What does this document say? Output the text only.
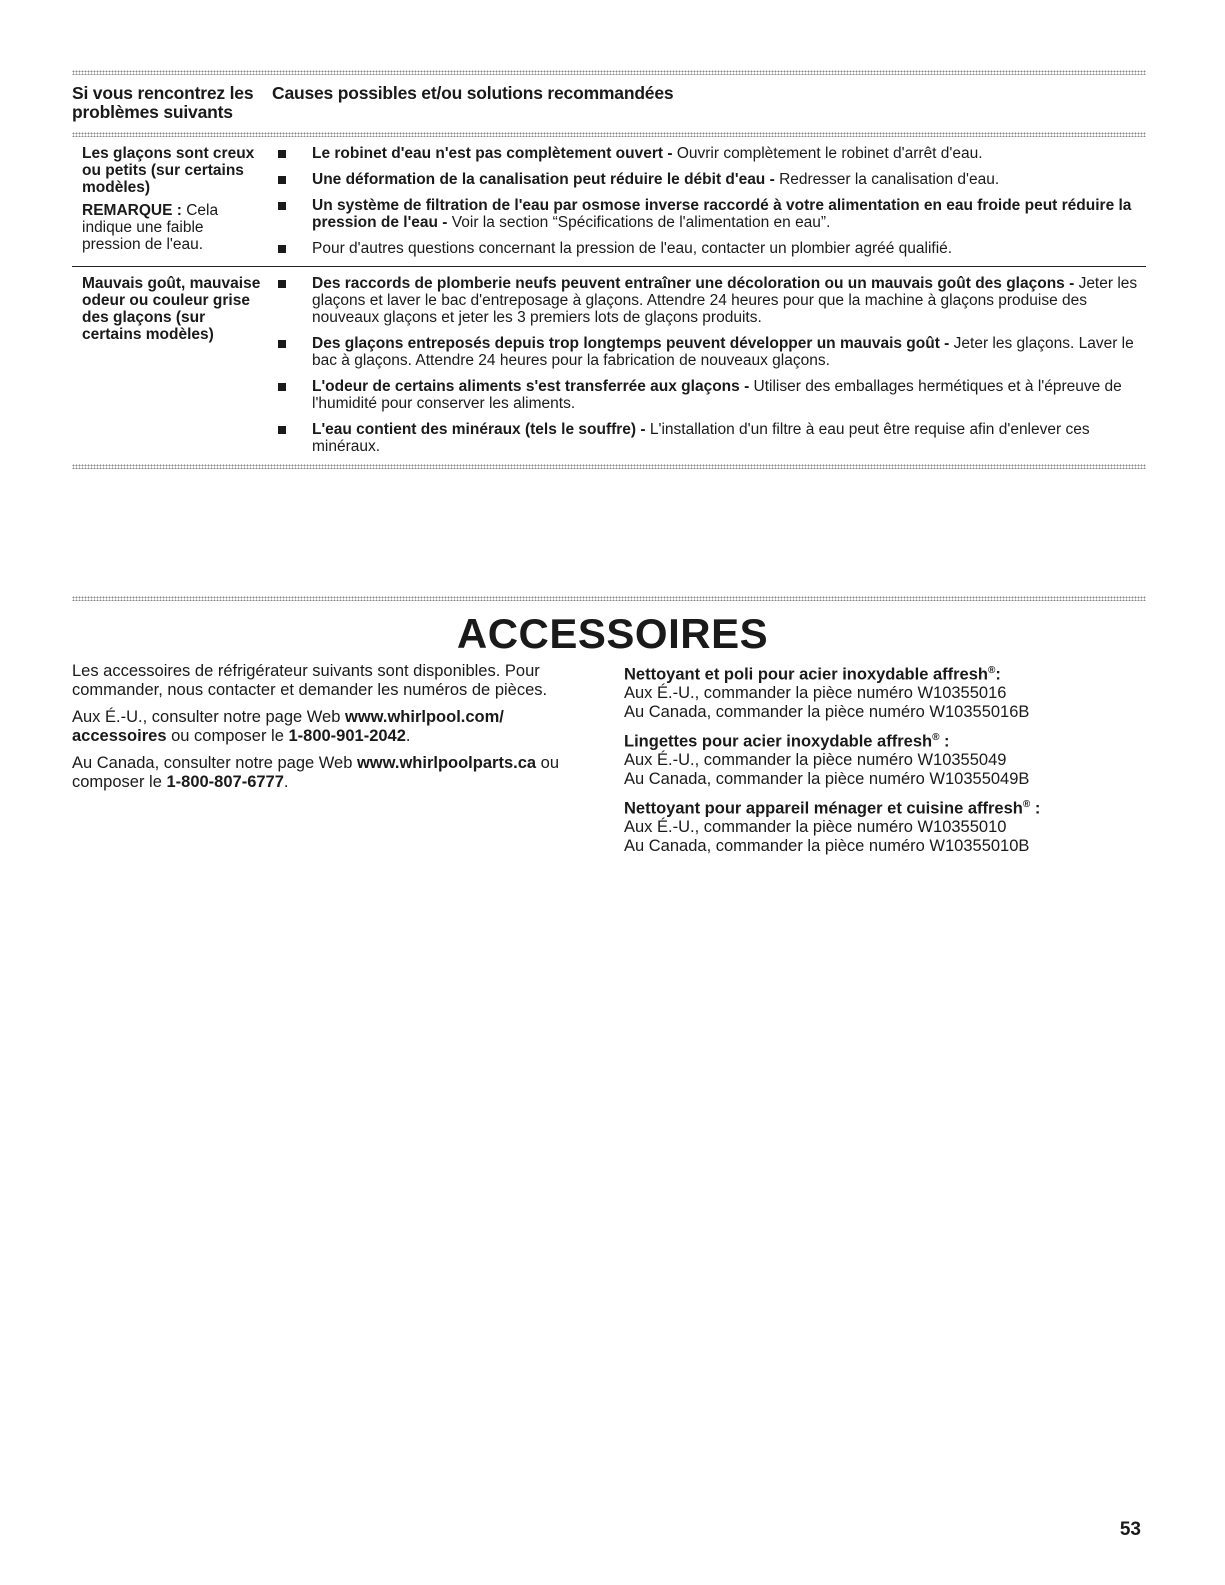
Si vous rencontrez les problèmes suivants
Causes possibles et/ou solutions recommandées
Les glaçons sont creux ou petits (sur certains modèles)
REMARQUE : Cela indique une faible pression de l'eau.
Le robinet d'eau n'est pas complètement ouvert - Ouvrir complètement le robinet d'arrêt d'eau.
Une déformation de la canalisation peut réduire le débit d'eau - Redresser la canalisation d'eau.
Un système de filtration de l'eau par osmose inverse raccordé à votre alimentation en eau froide peut réduire la pression de l'eau - Voir la section “Spécifications de l'alimentation en eau”.
Pour d'autres questions concernant la pression de l'eau, contacter un plombier agréé qualifié.
Mauvais goût, mauvaise odeur ou couleur grise des glaçons (sur certains modèles)
Des raccords de plomberie neufs peuvent entraîner une décoloration ou un mauvais goût des glaçons - Jeter les glaçons et laver le bac d'entreposage à glaçons. Attendre 24 heures pour que la machine à glaçons produise des nouveaux glaçons et jeter les 3 premiers lots de glaçons produits.
Des glaçons entreposés depuis trop longtemps peuvent développer un mauvais goût - Jeter les glaçons. Laver le bac à glaçons. Attendre 24 heures pour la fabrication de nouveaux glaçons.
L'odeur de certains aliments s'est transferrée aux glaçons - Utiliser des emballages hermétiques et à l'épreuve de l'humidité pour conserver les aliments.
L'eau contient des minéraux (tels le souffre) - L'installation d'un filtre à eau peut être requise afin d'enlever ces minéraux.
ACCESSOIRES

Les accessoires de réfrigérateur suivants sont disponibles. Pour commander, nous contacter et demander les numéros de pièces.

Aux É.-U., consulter notre page Web www.whirlpool.com/ accessoires ou composer le 1-800-901-2042.

Au Canada, consulter notre page Web www.whirlpoolparts.ca ou composer le 1-800-807-6777.

Nettoyant et poli pour acier inoxydable affresh®:
Aux É.-U., commander la pièce numéro W10355016
Au Canada, commander la pièce numéro W10355016B
Lingettes pour acier inoxydable affresh® :
Aux É.-U., commander la pièce numéro W10355049
Au Canada, commander la pièce numéro W10355049B
Nettoyant pour appareil ménager et cuisine affresh® :
Aux É.-U., commander la pièce numéro W10355010
Au Canada, commander la pièce numéro W10355010B
53
